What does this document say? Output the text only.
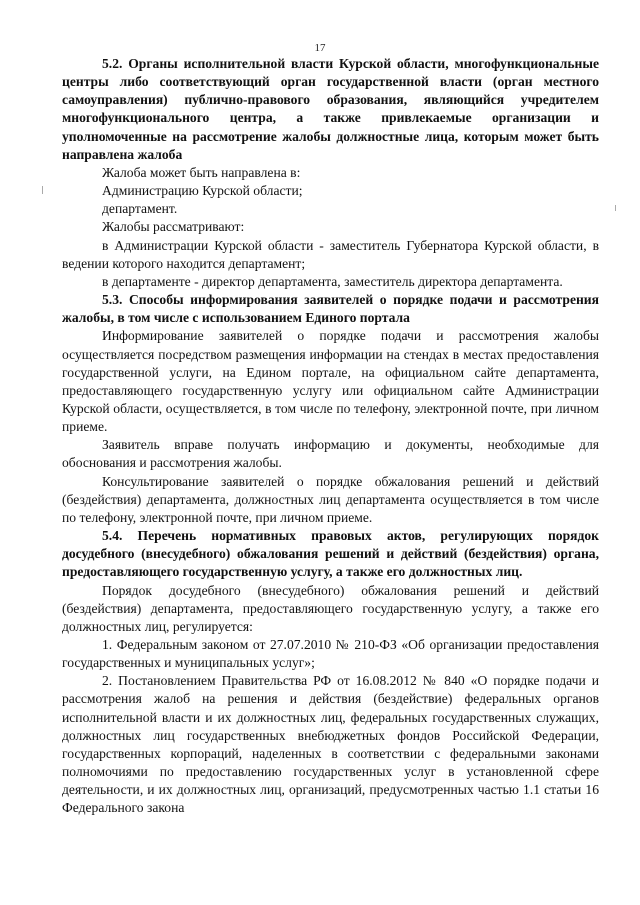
17

5.2. Органы исполнительной власти Курской области, многофункциональные центры либо соответствующий орган государственной власти (орган местного самоуправления) публично-правового образования, являющийся учредителем многофункционального центра, а также привлекаемые организации и уполномоченные на рассмотрение жалобы должностные лица, которым может быть направлена жалоба

Жалоба может быть направлена в:

Администрацию Курской области;

департамент.

Жалобы рассматривают:

в Администрации Курской области - заместитель Губернатора Курской области, в ведении которого находится департамент;

в департаменте - директор департамента, заместитель директора департамента.

5.3. Способы информирования заявителей о порядке подачи и рассмотрения жалобы, в том числе с использованием Единого портала

Информирование заявителей о порядке подачи и рассмотрения жалобы осуществляется посредством размещения информации на стендах в местах предоставления государственной услуги, на Едином портале, на официальном сайте департамента, предоставляющего государственную услугу или официальном сайте Администрации Курской области, осуществляется, в том числе по телефону, электронной почте, при личном приеме.

Заявитель вправе получать информацию и документы, необходимые для обоснования и рассмотрения жалобы.

Консультирование заявителей о порядке обжалования решений и действий (бездействия) департамента, должностных лиц департамента осуществляется в том числе по телефону, электронной почте, при личном приеме.

5.4. Перечень нормативных правовых актов, регулирующих порядок досудебного (внесудебного) обжалования решений и действий (бездействия) органа, предоставляющего государственную услугу, а также его должностных лиц.

Порядок досудебного (внесудебного) обжалования решений и действий (бездействия) департамента, предоставляющего государственную услугу, а также его должностных лиц, регулируется:

1. Федеральным законом от 27.07.2010 № 210-ФЗ «Об организации предоставления государственных и муниципальных услуг»;

2. Постановлением Правительства РФ от 16.08.2012 № 840 «О порядке подачи и рассмотрения жалоб на решения и действия (бездействие) федеральных органов исполнительной власти и их должностных лиц, федеральных государственных служащих, должностных лиц государственных внебюджетных фондов Российской Федерации, государственных корпораций, наделенных в соответствии с федеральными законами полномочиями по предоставлению государственных услуг в установленной сфере деятельности, и их должностных лиц, организаций, предусмотренных частью 1.1 статьи 16 Федерального закона
